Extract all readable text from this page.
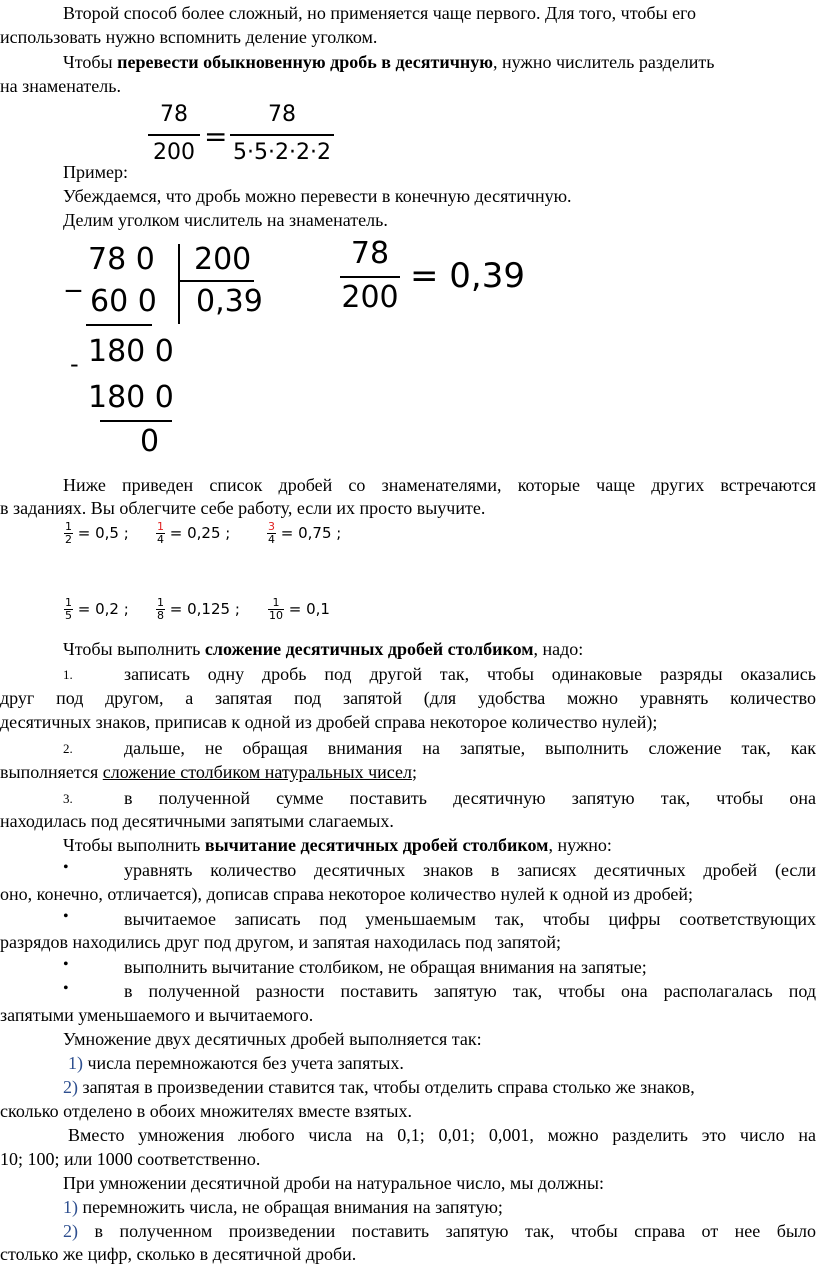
Второй способ более сложный, но применяется чаще первого. Для того, чтобы его
использовать нужно вспомнить деление уголком.
Чтобы перевести обыкновенную дробь в десятичную, нужно числитель разделить
на знаменатель.
78
200 =
78
5·5·2·2·2
Пример:
Убеждаемся, что дробь можно перевести в конечную десятичную.
Делим уголком числитель на знаменатель.
_ 78 0 200
60 0 0,39
180 0
-
180 0
0
78
200
= 0,39
Ниже приведен список дробей со знаменателями, которые чаще других встречаются
в заданиях. Вы облегчите себе работу, если их просто выучите.
$\frac{1}{2} = 0,5$ ; $\frac{1}{4} = 0,25$ ;	$\frac{3}{4} = 0,75$ ;
$\frac{1}{5} = 0,2$ ; $\frac{1}{8} = 0,125$ ;	$\frac{1}{10} = 0,1$
Чтобы выполнить сложение десятичных дробей столбиком, надо:
1.	записать одну дробь под другой так, чтобы одинаковые разряды оказались
друг под другом, а запятая под запятой (для удобства можно уравнять количество
десятичных знаков, приписав к одной из дробей справа некоторое количество нулей);
2.	дальше, не обращая внимания на запятые, выполнить сложение так, как
выполняется сложение столбиком натуральных чисел;
3.	в полученной сумме поставить десятичную запятую так, чтобы она
находилась под десятичными запятыми слагаемых.
Чтобы выполнить вычитание десятичных дробей столбиком, нужно:
•	уравнять количество десятичных знаков в записях десятичных дробей (если
оно, конечно, отличается), дописав справа некоторое количество нулей к одной из дробей;
•	вычитаемое записать под уменьшаемым так, чтобы цифры соответствующих
разрядов находились друг под другом, и запятая находилась под запятой;
•	выполнить вычитание столбиком, не обращая внимания на запятые;
•	в полученной разности поставить запятую так, чтобы она располагалась под
запятыми уменьшаемого и вычитаемого.
Умножение двух десятичных дробей выполняется так:
1) числа перемножаются без учета запятых.
2) запятая в произведении ставится так, чтобы отделить справа столько же знаков,
сколько отделено в обоих множителях вместе взятых.
Вместо умножения любого числа на 0,1; 0,01; 0,001, можно разделить это число на
10; 100; или 1000 соответственно.
При умножении десятичной дроби на натуральное число, мы должны:
1) перемножить числа, не обращая внимания на запятую;
2) в полученном произведении поставить запятую так, чтобы справа от нее было
столько же цифр, сколько в десятичной дроби.
